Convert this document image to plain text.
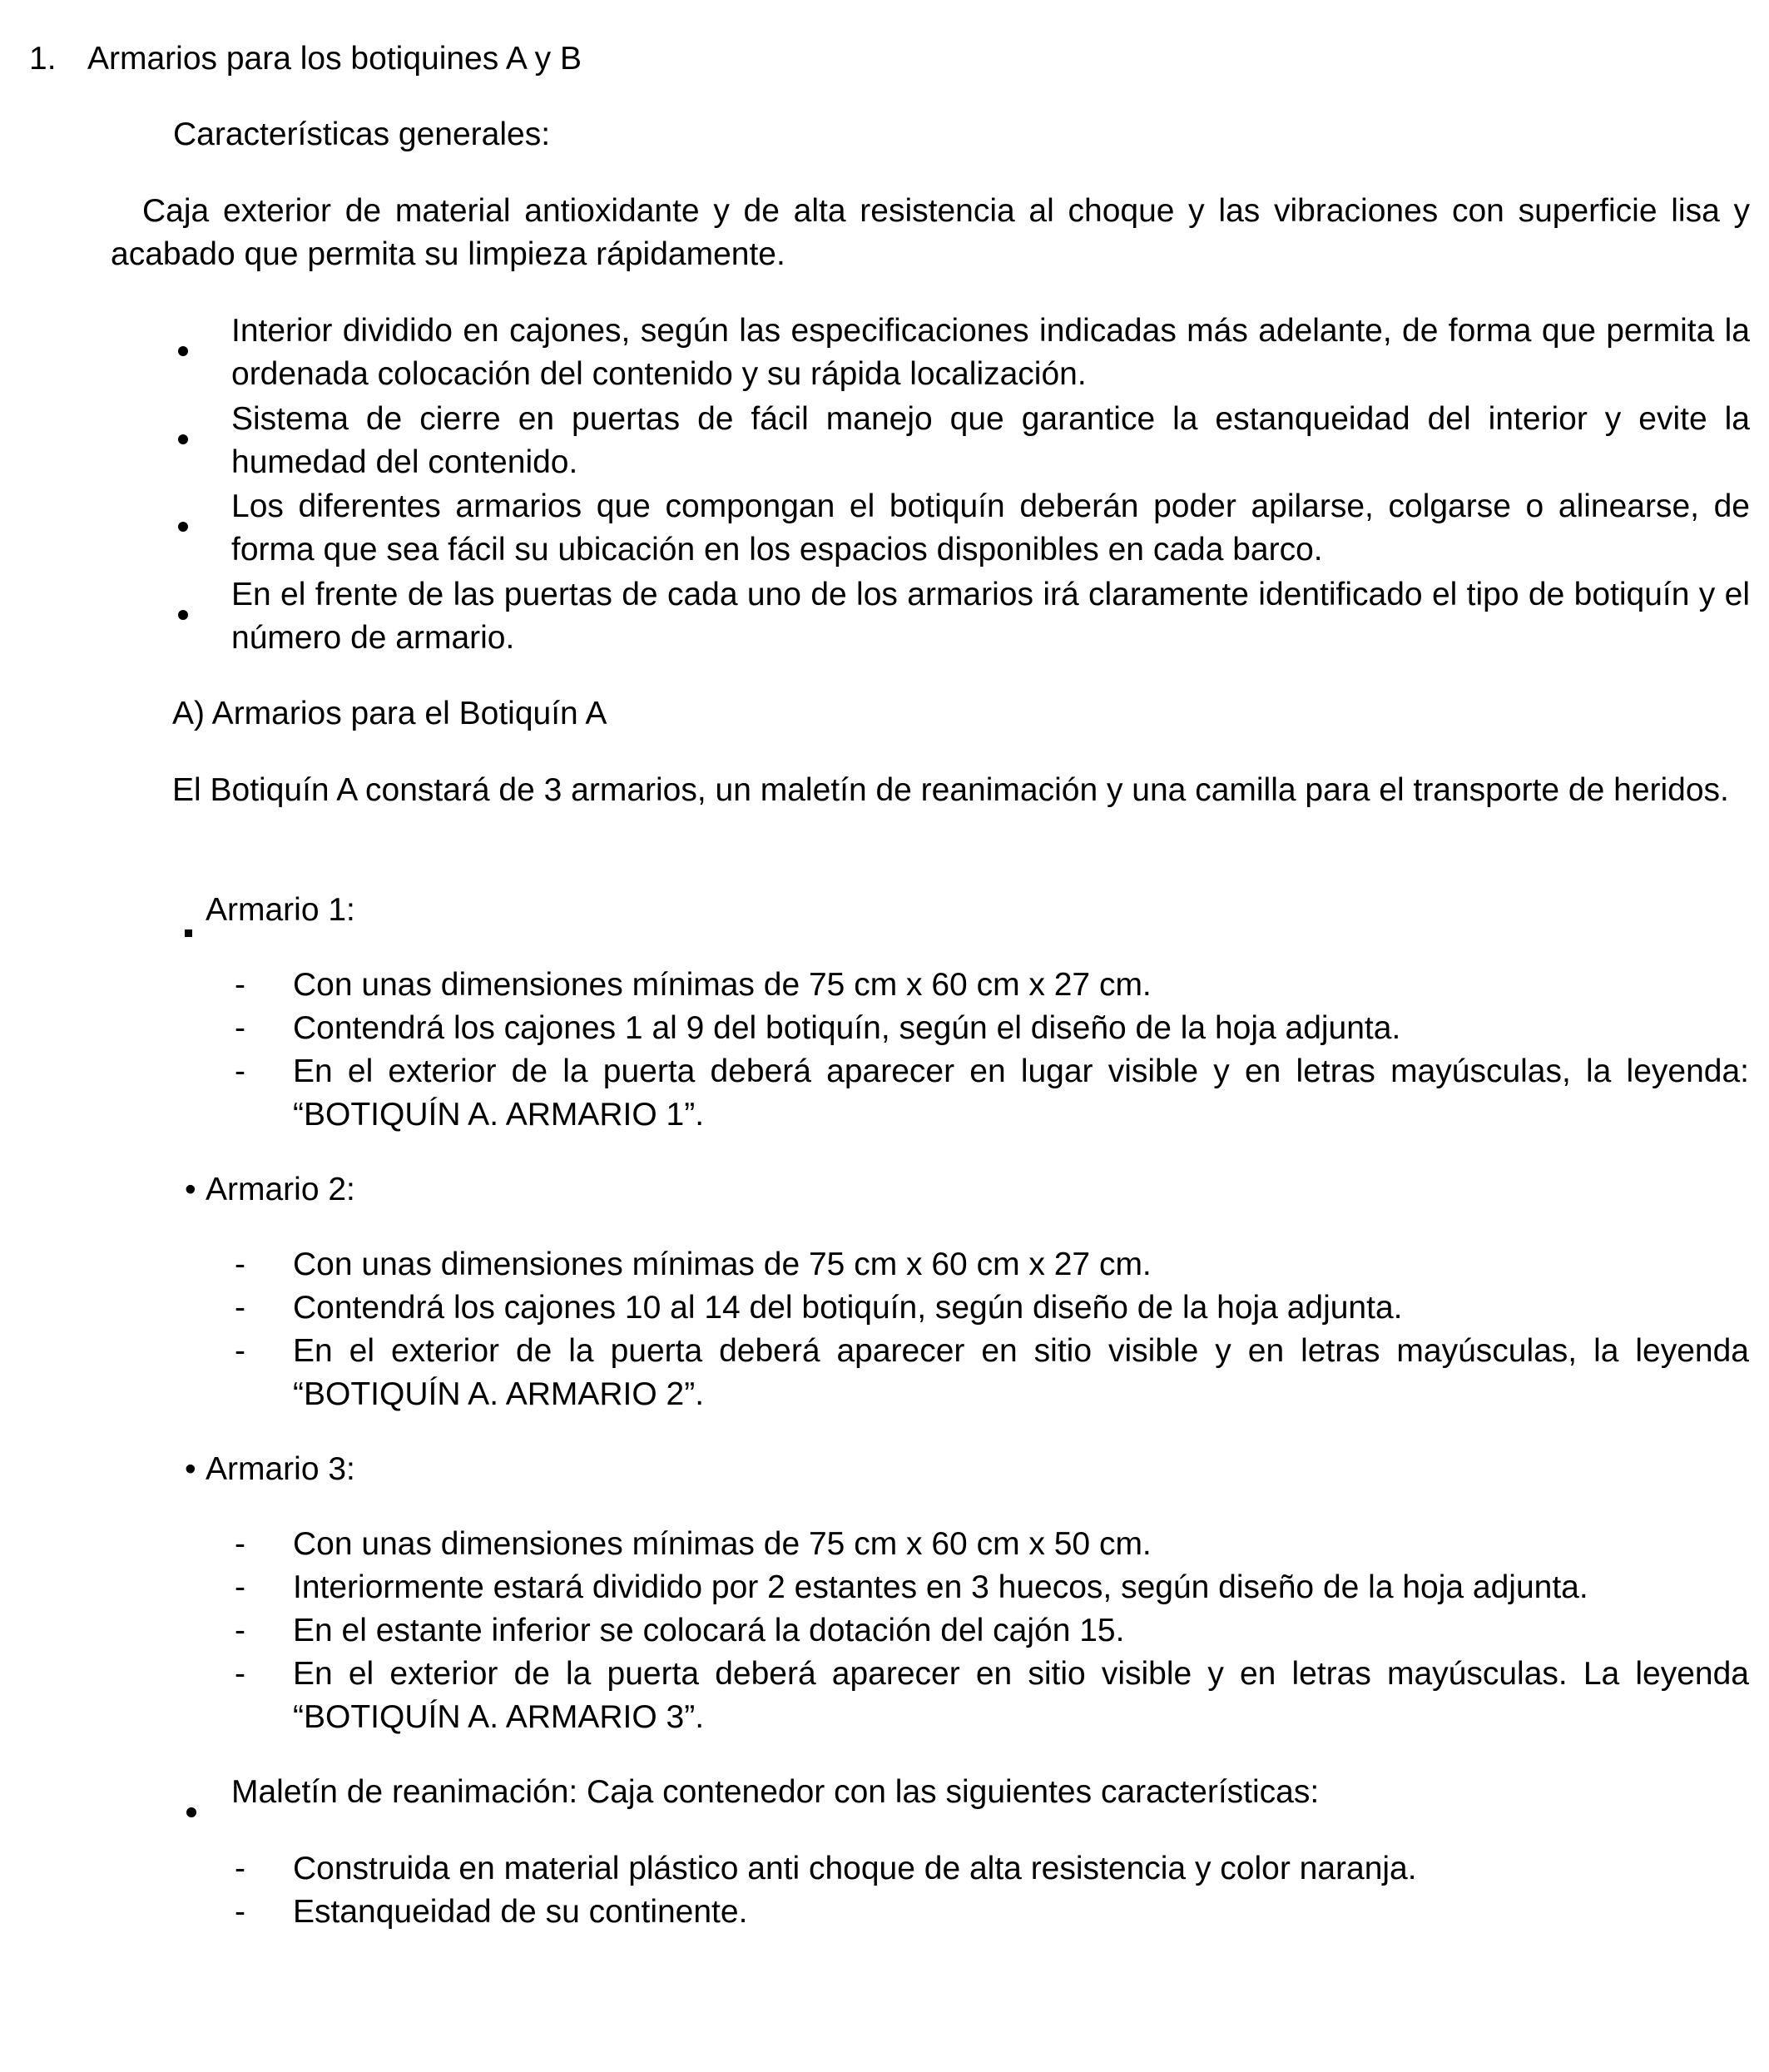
1. Armarios para los botiquines A y B
Características generales:
Caja exterior de material antioxidante y de alta resistencia al choque y las vibraciones con superficie lisa y acabado que permita su limpieza rápidamente.
Interior dividido en cajones, según las especificaciones indicadas más adelante, de forma que permita la ordenada colocación del contenido y su rápida localización.
Sistema de cierre en puertas de fácil manejo que garantice la estanqueidad del interior y evite la humedad del contenido.
Los diferentes armarios que compongan el botiquín deberán poder apilarse, colgarse o alinearse, de forma que sea fácil su ubicación en los espacios disponibles en cada barco.
En el frente de las puertas de cada uno de los armarios irá claramente identificado el tipo de botiquín y el número de armario.
A) Armarios para el Botiquín A
El Botiquín A constará de 3 armarios, un maletín de reanimación y una camilla para el transporte de heridos.
Armario 1:
- Con unas dimensiones mínimas de 75 cm x 60 cm x 27 cm.
- Contendrá los cajones 1 al 9 del botiquín, según el diseño de la hoja adjunta.
- En el exterior de la puerta deberá aparecer en lugar visible y en letras mayúsculas, la leyenda: “BOTIQUÍN A. ARMARIO 1”.
• Armario 2:
- Con unas dimensiones mínimas de 75 cm x 60 cm x 27 cm.
- Contendrá los cajones 10 al 14 del botiquín, según diseño de la hoja adjunta.
- En el exterior de la puerta deberá aparecer en sitio visible y en letras mayúsculas, la leyenda “BOTIQUÍN A. ARMARIO 2”.
• Armario 3:
- Con unas dimensiones mínimas de 75 cm x 60 cm x 50 cm.
- Interiormente estará dividido por 2 estantes en 3 huecos, según diseño de la hoja adjunta.
- En el estante inferior se colocará la dotación del cajón 15.
- En el exterior de la puerta deberá aparecer en sitio visible y en letras mayúsculas. La leyenda “BOTIQUÍN A. ARMARIO 3”.
Maletín de reanimación: Caja contenedor con las siguientes características:
- Construida en material plástico anti choque de alta resistencia y color naranja.
- Estanqueidad de su continente.
